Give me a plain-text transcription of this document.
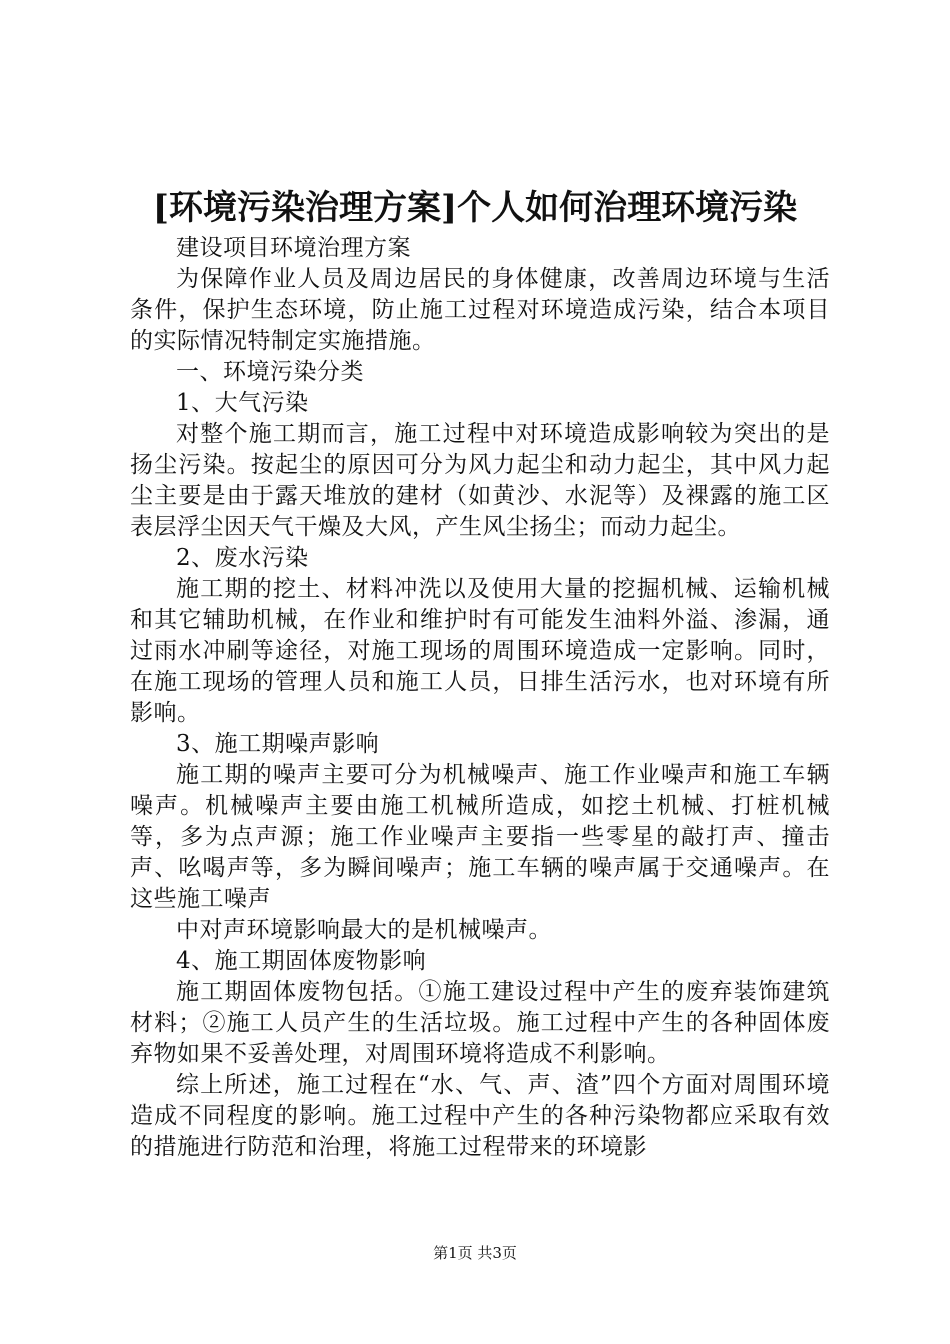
[环境污染治理方案]个人如何治理环境污染

建设项目环境治理方案

为保障作业人员及周边居民的身体健康，改善周边环境与生活条件，保护生态环境，防止施工过程对环境造成污染，结合本项目的实际情况特制定实施措施。

一、环境污染分类

1、大气污染

对整个施工期而言，施工过程中对环境造成影响较为突出的是扬尘污染。按起尘的原因可分为风力起尘和动力起尘，其中风力起尘主要是由于露天堆放的建材（如黄沙、水泥等）及裸露的施工区表层浮尘因天气干燥及大风，产生风尘扬尘；而动力起尘。

2、废水污染

施工期的挖土、材料冲洗以及使用大量的挖掘机械、运输机械和其它辅助机械，在作业和维护时有可能发生油料外溢、渗漏，通过雨水冲刷等途径，对施工现场的周围环境造成一定影响。同时，在施工现场的管理人员和施工人员，日排生活污水，也对环境有所影响。

3、施工期噪声影响

施工期的噪声主要可分为机械噪声、施工作业噪声和施工车辆噪声。机械噪声主要由施工机械所造成，如挖土机械、打桩机械等，多为点声源；施工作业噪声主要指一些零星的敲打声、撞击声、吆喝声等，多为瞬间噪声；施工车辆的噪声属于交通噪声。在这些施工噪声

中对声环境影响最大的是机械噪声。

4、施工期固体废物影响

施工期固体废物包括。①施工建设过程中产生的废弃装饰建筑材料；②施工人员产生的生活垃圾。施工过程中产生的各种固体废弃物如果不妥善处理，对周围环境将造成不利影响。

综上所述，施工过程在“水、气、声、渣”四个方面对周围环境造成不同程度的影响。施工过程中产生的各种污染物都应采取有效的措施进行防范和治理，将施工过程带来的环境影

第1页 共3页
